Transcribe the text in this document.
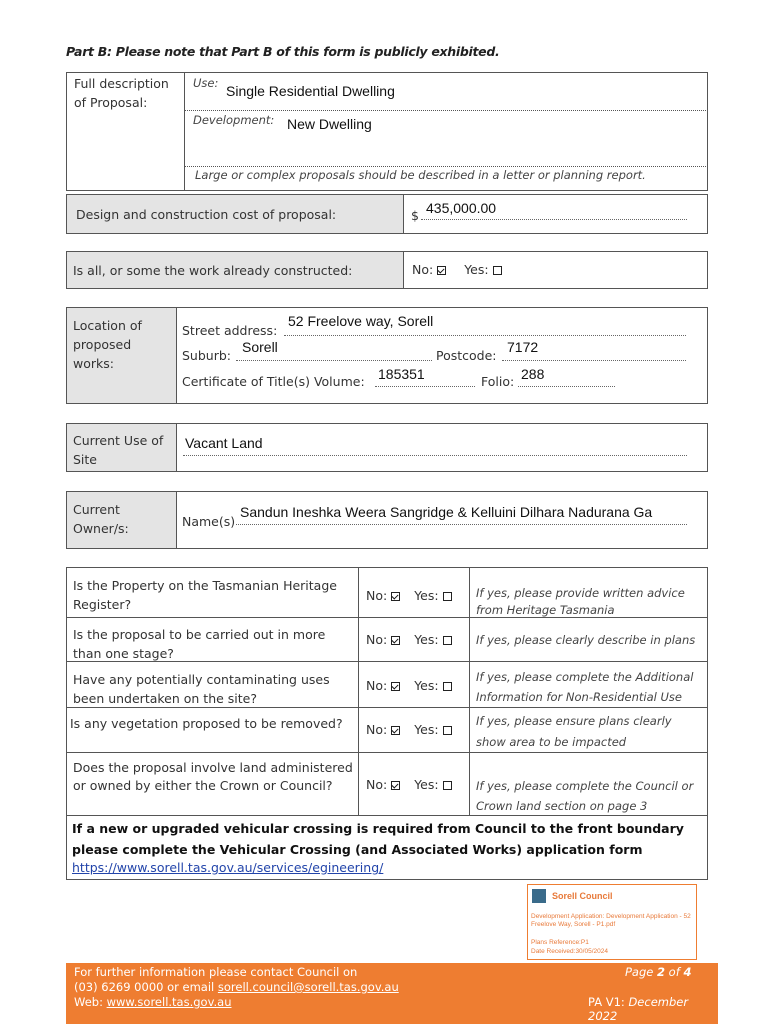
Part B: Please note that Part B of this form is publicly exhibited.
Full description of Proposal:
Use: Single Residential Dwelling
Development: New Dwelling
Large or complex proposals should be described in a letter or planning report.
Design and construction cost of proposal:	$ 435,000.00
Is all, or some the work already constructed:	No: Yes:
Location of proposed works:
Street address:
52 Freelove way, Sorell
Suburb:
Sorell
Postcode:
7172
Certificate of Title(s) Volume: 185351	Folio: 288
Current Use of Site
Vacant Land
Current Owner/s:	Name(s)
Sandun Ineshka Weera Sangridge & Kelluini Dilhara Nadurana Ga
Is the Property on the Tasmanian Heritage Register?
No: Yes:	If yes, please provide written advice from Heritage Tasmania
Is the proposal to be carried out in more than one stage?
No: Yes:	If yes, please clearly describe in plans
Have any potentially contaminating uses been undertaken on the site?
No: Yes:
If yes, please complete the Additional Information for Non-Residential Use
Is any vegetation proposed to be removed?	No: Yes:
If yes, please ensure plans clearly show area to be impacted
Does the proposal involve land administered or owned by either the Crown or Council?	No: Yes:	If yes, please complete the Council or Crown land section on page 3
If a new or upgraded vehicular crossing is required from Council to the front boundary please complete the Vehicular Crossing (and Associated Works) application form
https://www.sorell.tas.gov.au/services/egineering/
Sorell Council
Development Application: Development Application - 52 Freelove Way, Sorell - P1.pdf
Plans Reference:P1
Date Received:30/05/2024
For further information please contact Council on
(03) 6269 0000 or email sorell.council@sorell.tas.gov.au
Web: www.sorell.tas.gov.au
Page 2 of 4
PA V1: December 2022
